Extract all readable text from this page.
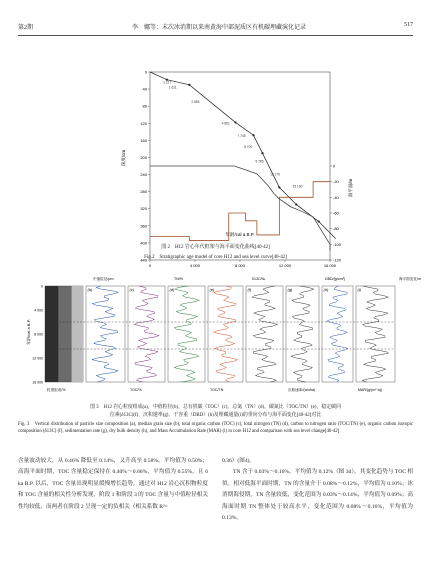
第2期	李　娜等：末次冰消期以来南黄海中部泥质区有机碳埋藏演化记录	517
0
40
80
120
160
200
240
280
320
360
400
440
0	4 000	8 000	12 000	16 000
-120
-100
-80
-60
-40
-20
0
1 217
1 611
2 655
4 851
7 745
8 700
9 785
12 175
15 100
年龄/cal a B.P.
深度/cm
海平面/m
图 2　H12 岩心年代框架与海平面变化曲线[40-42]
Fig.2　Stratigraphic age model of core H12 and sea level curve[40-42]
(b)	(c)	(d)	(e)	(f)	(g)	(h)	(i)
0
4 000
8 000
12 000
16 000
中值粒径/μm	TN/%	δ13C/‰	DBD/(g/cm³)	海平面变化/m
粒度组成/%	TOC/%	TOC/TN	沉积速率/(cm/ka)	MAR/(g/(m²·a))
年龄/cal a B.P.
图 3　H12 岩心粒度组成(a)，中值粒径(b)，总有机碳（TOC）(c)，总氮（TN）(d)，碳氮比（TOC/TN）(e)，稳定碳同
位素(δ13C)(f)，沉积速率(g)，干容重（DBD）(h)及埋藏通量(i)的垂向分布与海平面变化[40-42]对比
Fig. 3　Vertical distribution of particle size composition (a), median grain size (b), total organic carbon (TOC) (c), total nitrogen (TN) (d), carbon to nitrogen ratio (TOC/TN) (e), organic carbon isotopic composition (δ13C) (f), sedimentation rate (g), dry bulk density (h), and Mass Accumulation Rate (MAR) (i) in core H12 and comparison with sea level change[40-42]
含量波动较大，从 0.46% 降低至 0.14%，又升高至 0.58%，平均值为 0.50%；高海平面时期，TOC 含量稳定保持在 0.40%～0.66%，平均值为 0.55%，且 6 ka B.P. 以后，TOC 含量出现明显缓慢增长趋势。通过对 H12 岩心沉积物粒度和 TOC 含量的相关性分析发现，阶段 1 和阶段 3 的 TOC 含量与中值粒径相关性均较低，而两者在阶段 2 呈现一定的负相关（相关系数 R²=
0.36）(图4)。
TN 含于 0.03%～0.16%，平均值为 0.12%（图 3d）。其变化趋势与 TOC 相似。相对低海平面时期，TN 的含量介于 0.08%～0.12%，平均值为 0.10%；冰消期海侵期，TN 含量较低，变化范围为 0.03%～0.14%，平均值为 0.09%；高海面时期 TN 整体处于较高水平，变化范围为 0.08%～0.16%，平均值为 0.13%。
